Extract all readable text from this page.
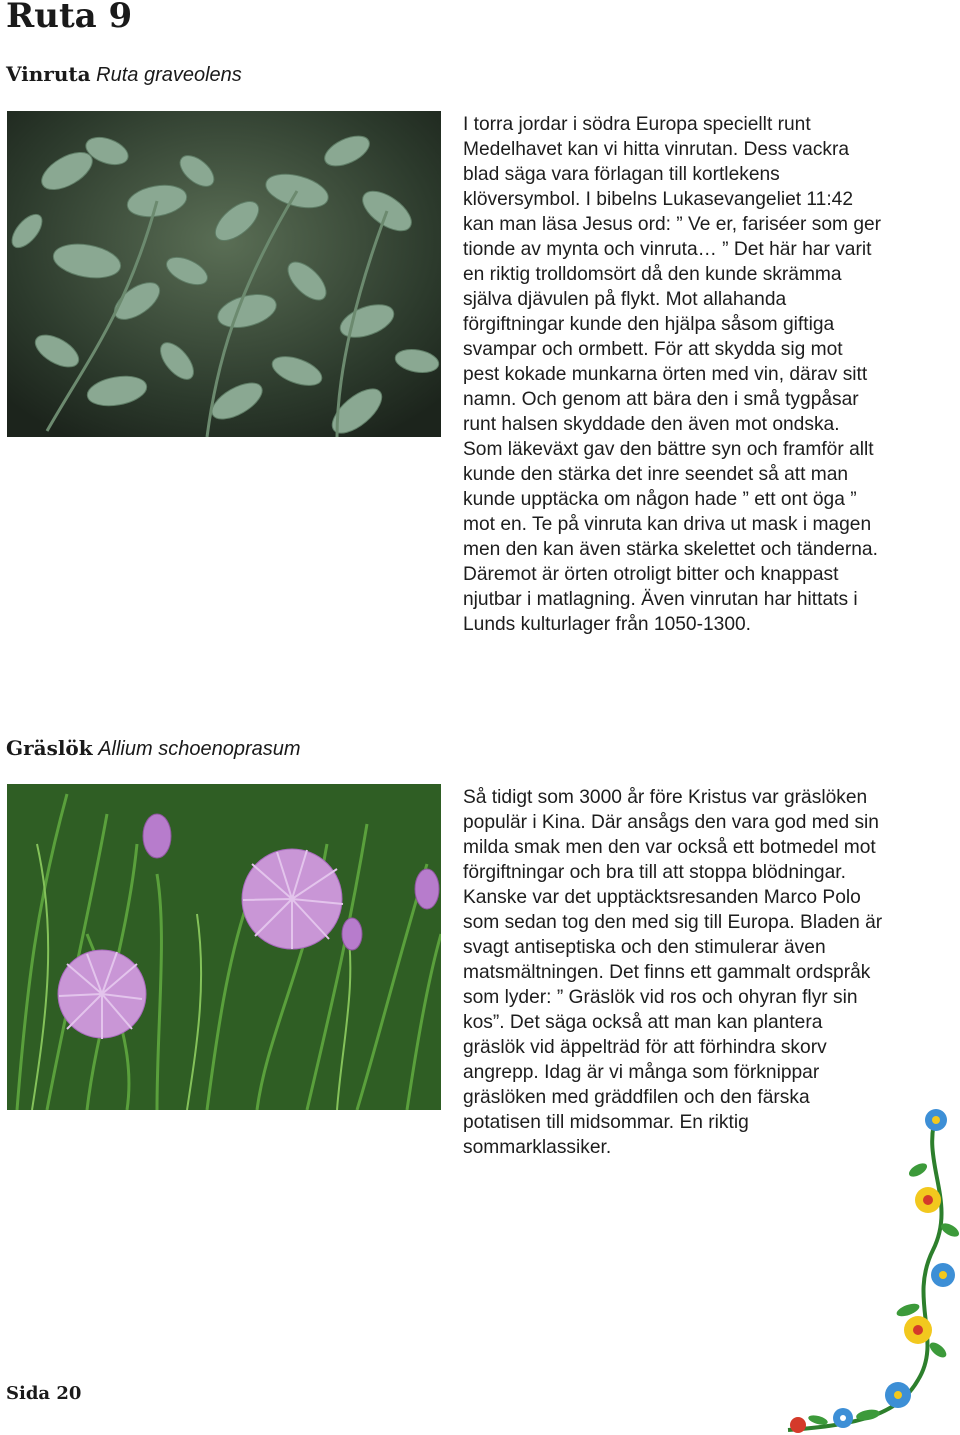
Ruta 9
Vinruta Ruta graveolens

I torra jordar i södra Europa speciellt runt Medelhavet kan vi hitta vinrutan. Dess vackra blad säga vara förlagan till kortlekens klöversymbol. I bibelns Lukasevangeliet 11:42 kan man läsa Jesus ord: ” Ve er, fariséer som ger tionde av mynta och vinruta… ” Det här har varit en riktig trolldomsört då den kunde skrämma själva djävulen på flykt. Mot allahanda förgiftningar kunde den hjälpa såsom giftiga svampar och ormbett. För att skydda sig mot pest kokade munkarna örten med vin, därav sitt namn. Och genom att bära den i små tygpåsar runt halsen skyddade den även mot ondska. Som läkeväxt gav den bättre syn och framför allt kunde den stärka det inre seendet så att man kunde upptäcka om någon hade ” ett ont öga ” mot en. Te på vinruta kan driva ut mask i magen men den kan även stärka skelettet och tänderna. Däremot är örten otroligt bitter och knappast njutbar i matlagning. Även vinrutan har hittats i Lunds kulturlager från 1050-1300.

Gräslök Allium schoenoprasum

Så tidigt som 3000 år före Kristus var gräslöken populär i Kina. Där ansågs den vara god med sin milda smak men den var också ett botmedel mot förgiftningar och bra till att stoppa blödningar. Kanske var det upptäcktsresanden Marco Polo som sedan tog den med sig till Europa. Bladen är svagt antiseptiska och den stimulerar även matsmältningen. Det finns ett gammalt ordspråk som lyder: ” Gräslök vid ros och ohyran flyr sin kos”. Det säga också att man kan plantera gräslök vid äppelträd för att förhindra skorv angrepp. Idag är vi många som förknippar gräslöken med gräddfilen och den färska potatisen till midsommar. En riktig sommarklassiker.

Sida 20
